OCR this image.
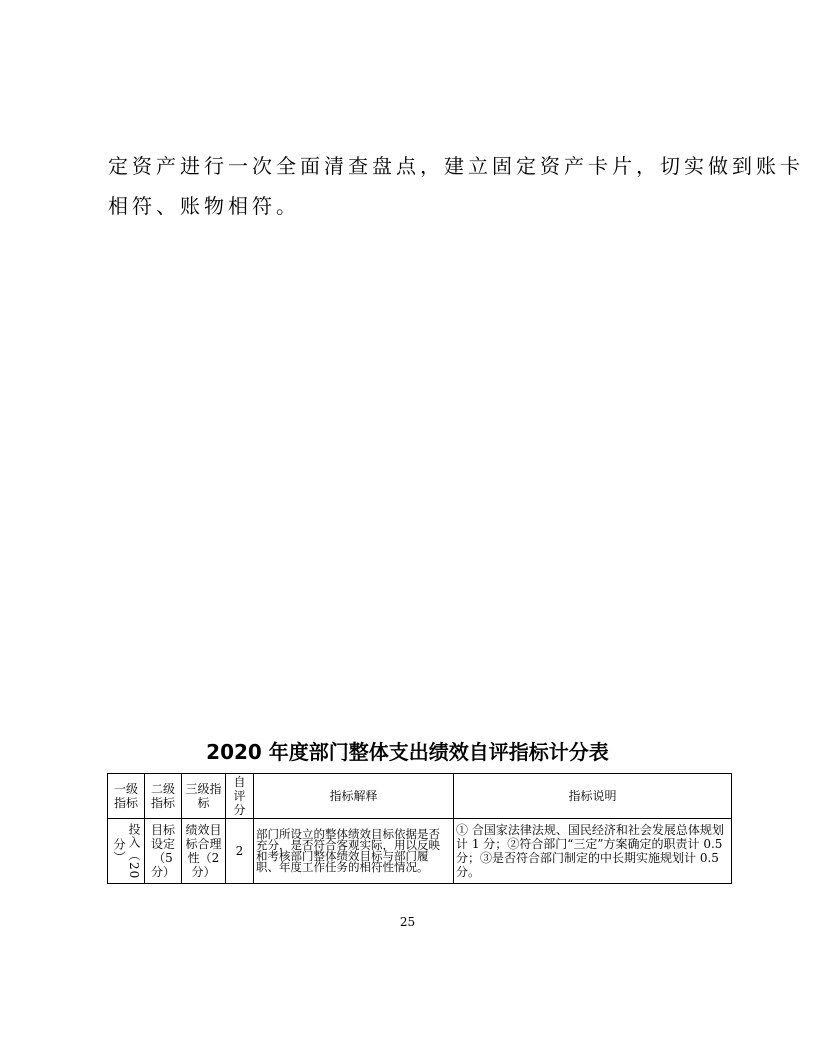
定资产进行一次全面清查盘点，建立固定资产卡片，切实做到账卡

相符、账物相符。

2020 年度部门整体支出绩效自评指标计分表
一级指标	二级指标	三级指标	自评分	指标解释	指标说明

投入（20分）	目标设定（5分）	绩效目标合理性（2分）	2	部门所设立的整体绩效目标依据是否充分，是否符合客观实际，用以反映和考核部门整体绩效目标与部门履职、年度工作任务的相符性情况。	① 合国家法律法规、国民经济和社会发展总体规划计 1 分；②符合部门“三定”方案确定的职责计 0.5 分；③是否符合部门制定的中长期实施规划计 0.5 分。
25
